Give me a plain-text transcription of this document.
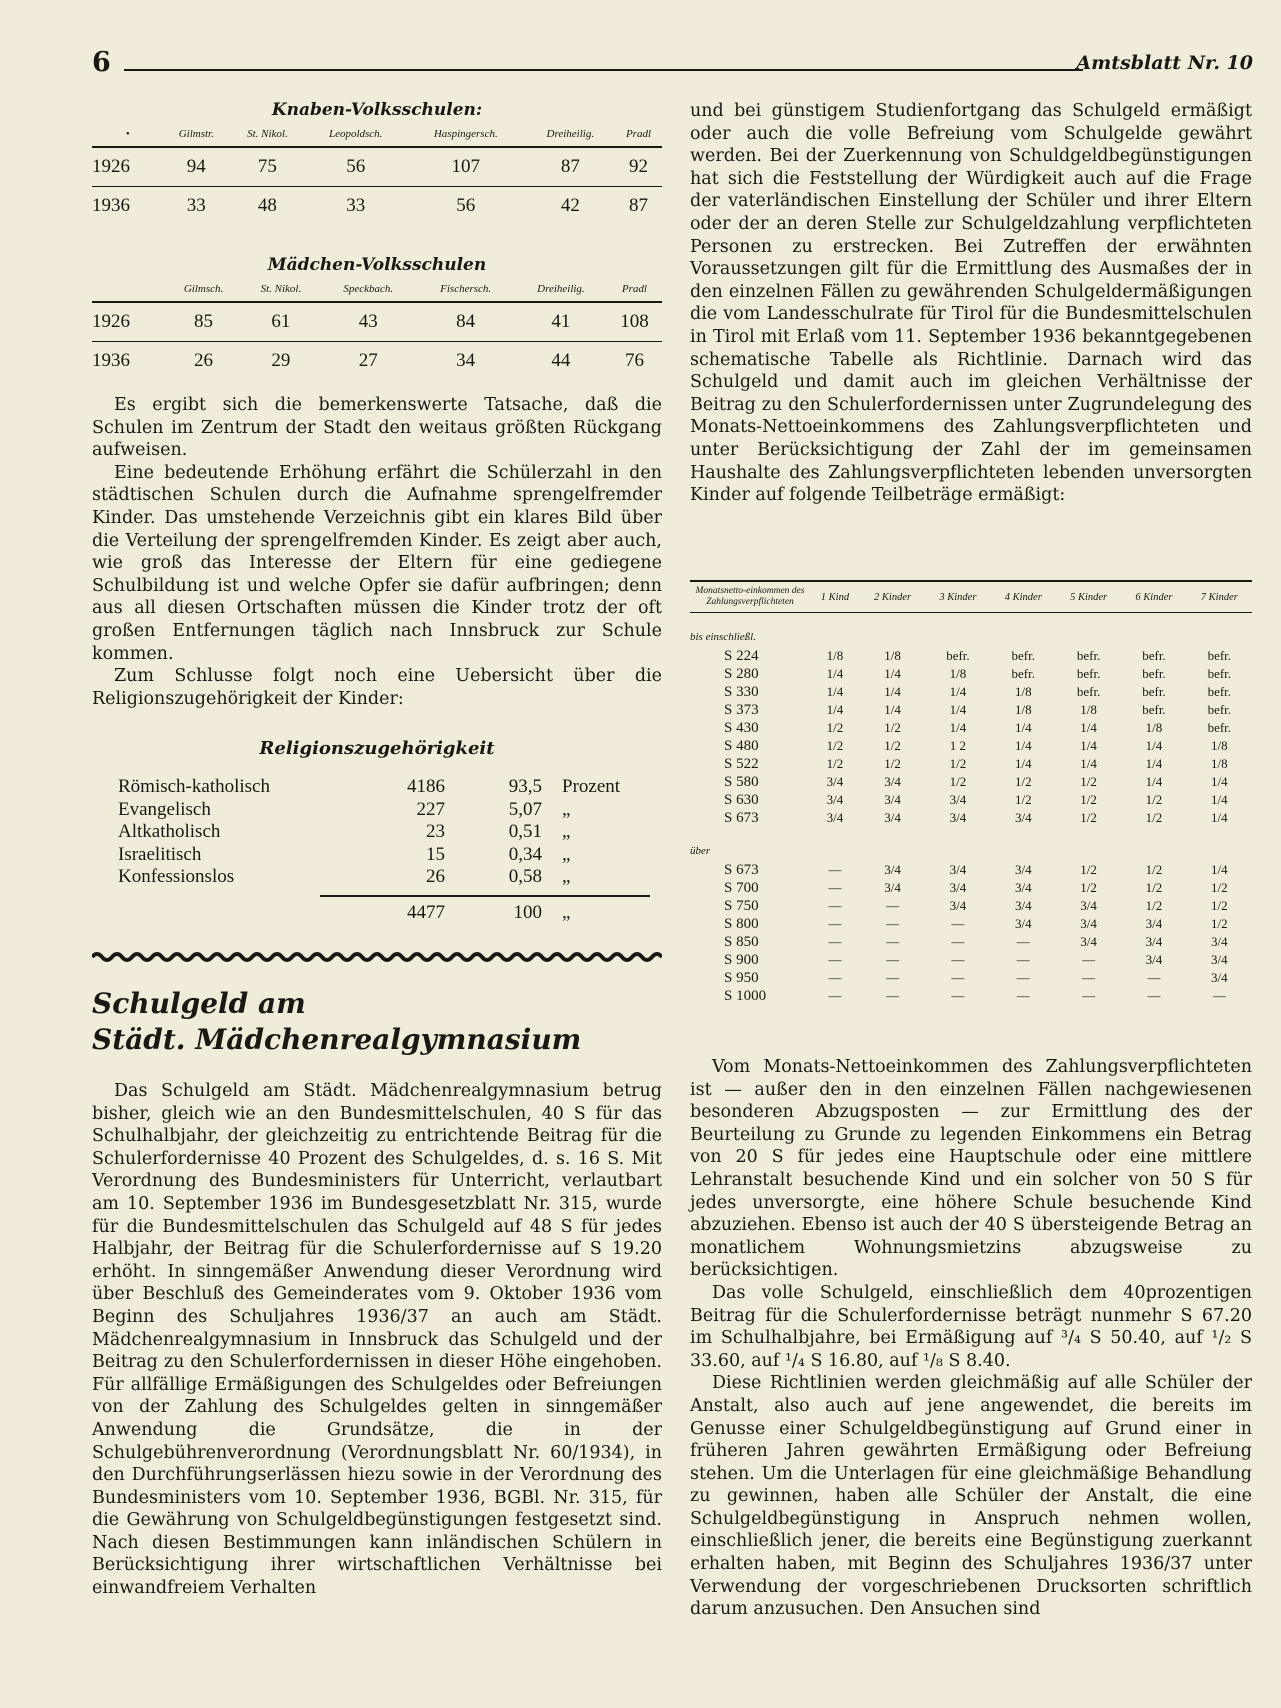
6	Amtsblatt Nr. 10
Knaben-Volksschulen:
•	Gilmstr.	St. Nikol.	Leopoldsch.	Haspingersch.	Dreiheilig.	Pradl
1926	94	75	56	107	87	92
1936	33	48	33	56	42	87
Mädchen-Volksschulen
	Gilmsch.	St. Nikol.	Speckbach.	Fischersch.	Dreiheilig.	Pradl
1926	85	61	43	84	41	108
1936	26	29	27	34	44	76

Es ergibt sich die bemerkenswerte Tatsache, daß die Schulen im Zentrum der Stadt den weitaus größten Rückgang aufweisen.

Eine bedeutende Erhöhung erfährt die Schülerzahl in den städtischen Schulen durch die Aufnahme sprengelfremder Kinder. Das umstehende Verzeichnis gibt ein klares Bild über die Verteilung der sprengelfremden Kinder. Es zeigt aber auch, wie groß das Interesse der Eltern für eine gediegene Schulbildung ist und welche Opfer sie dafür aufbringen; denn aus all diesen Ortschaften müssen die Kinder trotz der oft großen Entfernungen täglich nach Innsbruck zur Schule kommen.

Zum Schlusse folgt noch eine Uebersicht über die Religionszugehörigkeit der Kinder:

Religionszugehörigkeit
Römisch-katholisch	4186	93,5 Prozent
Evangelisch	227	5,07 „
Altkatholisch	23	0,51 „
Israelitisch	15	0,34 „
Konfessionslos	26	0,58 „
4477	100 „
Schulgeld am
Städt. Mädchenrealgymnasium

Das Schulgeld am Städt. Mädchenrealgymnasium betrug bisher, gleich wie an den Bundesmittelschulen, 40 S für das Schulhalbjahr, der gleichzeitig zu entrichtende Beitrag für die Schulerfordernisse 40 Prozent des Schulgeldes, d. s. 16 S. Mit Verordnung des Bundesministers für Unterricht, verlautbart am 10. September 1936 im Bundesgesetzblatt Nr. 315, wurde für die Bundesmittelschulen das Schulgeld auf 48 S für jedes Halbjahr, der Beitrag für die Schulerfordernisse auf S 19.20 erhöht. In sinngemäßer Anwendung dieser Verordnung wird über Beschluß des Gemeinderates vom 9. Oktober 1936 vom Beginn des Schuljahres 1936/37 an auch am Städt. Mädchenrealgymnasium in Innsbruck das Schulgeld und der Beitrag zu den Schulerfordernissen in dieser Höhe eingehoben. Für allfällige Ermäßigungen des Schulgeldes oder Befreiungen von der Zahlung des Schulgeldes gelten in sinngemäßer Anwendung die Grundsätze, die in der Schulgebührenverordnung (Verordnungsblatt Nr. 60/1934), in den Durchführungserlässen hiezu sowie in der Verordnung des Bundesministers vom 10. September 1936, BGBl. Nr. 315, für die Gewährung von Schulgeldbegünstigungen festgesetzt sind. Nach diesen Bestimmungen kann inländischen Schülern in Berücksichtigung ihrer wirtschaftlichen Verhältnisse bei einwandfreiem Verhalten

und bei günstigem Studienfortgang das Schulgeld ermäßigt oder auch die volle Befreiung vom Schulgelde gewährt werden. Bei der Zuerkennung von Schuldgeldbegünstigungen hat sich die Feststellung der Würdigkeit auch auf die Frage der vaterländischen Einstellung der Schüler und ihrer Eltern oder der an deren Stelle zur Schulgeldzahlung verpflichteten Personen zu erstrecken. Bei Zutreffen der erwähnten Voraussetzungen gilt für die Ermittlung des Ausmaßes der in den einzelnen Fällen zu gewährenden Schulgeldermäßigungen die vom Landesschulrate für Tirol für die Bundesmittelschulen in Tirol mit Erlaß vom 11. September 1936 bekanntgegebenen schematische Tabelle als Richtlinie. Darnach wird das Schulgeld und damit auch im gleichen Verhältnisse der Beitrag zu den Schulerfordernissen unter Zugrundelegung des Monats-Nettoeinkommens des Zahlungsverpflichteten und unter Berücksichtigung der Zahl der im gemeinsamen Haushalte des Zahlungsverpflichteten lebenden unversorgten Kinder auf folgende Teilbeträge ermäßigt:

Monatsnetto-einkommen des Zahlungsverpflichteten	1 Kind	2 Kinder	3 Kinder	4 Kinder	5 Kinder	6 Kinder	7 Kinder
bis einschließl.							
S 224	1/8	1/8	befr.	befr.	befr.	befr.	befr.
S 280	1/4	1/4	1/8	befr.	befr.	befr.	befr.
S 330	1/4	1/4	1/4	1/8	befr.	befr.	befr.
S 373	1/4	1/4	1/4	1/8	1/8	befr.	befr.
S 430	1/2	1/2	1/4	1/4	1/4	1/8	befr.
S 480	1/2	1/2	1 2	1/4	1/4	1/4	1/8
S 522	1/2	1/2	1/2	1/4	1/4	1/4	1/8
S 580	3/4	3/4	1/2	1/2	1/2	1/4	1/4
S 630	3/4	3/4	3/4	1/2	1/2	1/2	1/4
S 673	3/4	3/4	3/4	3/4	1/2	1/2	1/4
über							
S 673	—	3/4	3/4	3/4	1/2	1/2	1/4
S 700	—	3/4	3/4	3/4	1/2	1/2	1/2
S 750	—	—	3/4	3/4	3/4	1/2	1/2
S 800	—	—	—	3/4	3/4	3/4	1/2
S 850	—	—	—	—	3/4	3/4	3/4
S 900	—	—	—	—	—	3/4	3/4
S 950	—	—	—	—	—	—	3/4
S 1000	—	—	—	—	—	—	—

Vom Monats-Nettoeinkommen des Zahlungsverpflichteten ist — außer den in den einzelnen Fällen nachgewiesenen besonderen Abzugsposten — zur Ermittlung des der Beurteilung zu Grunde zu legenden Einkommens ein Betrag von 20 S für jedes eine Hauptschule oder eine mittlere Lehranstalt besuchende Kind und ein solcher von 50 S für jedes unversorgte, eine höhere Schule besuchende Kind abzuziehen. Ebenso ist auch der 40 S übersteigende Betrag an monatlichem Wohnungsmietzins abzugsweise zu berücksichtigen.

Das volle Schulgeld, einschließlich dem 40prozentigen Beitrag für die Schulerfordernisse beträgt nunmehr S 67.20 im Schulhalbjahre, bei Ermäßigung auf ³/₄ S 50.40, auf ¹/₂ S 33.60, auf ¹/₄ S 16.80, auf ¹/₈ S 8.40.

Diese Richtlinien werden gleichmäßig auf alle Schüler der Anstalt, also auch auf jene angewendet, die bereits im Genusse einer Schulgeldbegünstigung auf Grund einer in früheren Jahren gewährten Ermäßigung oder Befreiung stehen. Um die Unterlagen für eine gleichmäßige Behandlung zu gewinnen, haben alle Schüler der Anstalt, die eine Schulgeldbegünstigung in Anspruch nehmen wollen, einschließlich jener, die bereits eine Begünstigung zuerkannt erhalten haben, mit Beginn des Schuljahres 1936/37 unter Verwendung der vorgeschriebenen Drucksorten schriftlich darum anzusuchen. Den Ansuchen sind
